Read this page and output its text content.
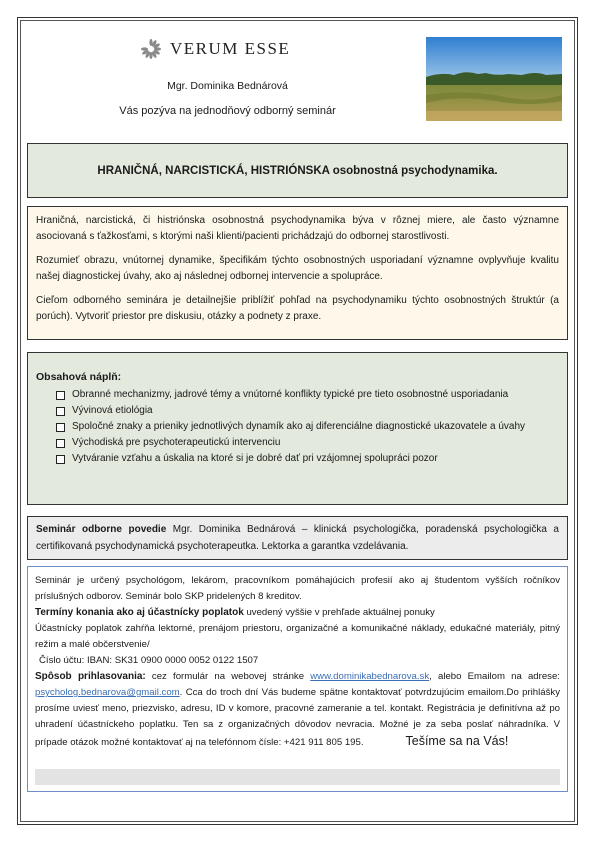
VERUM ESSE
Mgr. Dominika Bednárová
Vás pozýva na jednodňový odborný seminár
HRANIČNÁ, NARCISTICKÁ, HISTRIÓNSKA osobnostná psychodynamika.

Hraničná, narcistická, či histriónska osobnostná psychodynamika býva v rôznej miere, ale často významne asociovaná s ťažkosťami, s ktorými naši klienti/pacienti prichádzajú do odbornej starostlivosti.

Rozumieť obrazu, vnútornej dynamike, špecifikám týchto osobnostných usporiadaní významne ovplyvňuje kvalitu našej diagnostickej úvahy, ako aj následnej odbornej intervencie a spolupráce.

Cieľom odborného seminára je detailnejšie priblížiť pohľad na psychodynamiku týchto osobnostných štruktúr (a porúch). Vytvoriť priestor pre diskusiu, otázky a podnety z praxe.

Obsahová náplň:
Obranné mechanizmy, jadrové témy a vnútorné konflikty typické pre tieto osobnostné usporiadania
Vývinová etiológia
Spoločné znaky a prieniky jednotlivých dynamík ako aj diferenciálne diagnostické ukazovatele a úvahy
Východiská pre psychoterapeutickú intervenciu
Vytváranie vzťahu a úskalia na ktoré si je dobré dať pri vzájomnej spolupráci pozor
Seminár odborne povedie Mgr. Dominika Bednárová – klinická psychologička, poradenská psychologička a certifikovaná psychodynamická psychoterapeutka. Lektorka a garantka vzdelávania.

Seminár je určený psychológom, lekárom, pracovníkom pomáhajúcich profesií ako aj študentom vyšších ročníkov príslušných odborov. Seminár bolo SKP pridelených 8 kreditov.

Termíny konania ako aj účastnícky poplatok uvedený vyššie v prehľade aktuálnej ponuky

Účastnícky poplatok zahŕňa lektorné, prenájom priestoru, organizačné a komunikačné náklady, edukačné materiály, pitný režim a malé občerstvenie/

Číslo účtu: IBAN: SK31 0900 0000 0052 0122 1507

Spôsob prihlasovania: cez formulár na webovej stránke www.dominikabednarova.sk, alebo Emailom na adrese: psycholog.bednarova@gmail.com. Cca do troch dní Vás budeme spätne kontaktovať potvrdzujúcim emailom.Do prihlášky prosíme uviesť meno, priezvisko, adresu, ID v komore, pracovné zameranie a tel. kontakt. Registrácia je definitívna až po uhradení účastníckeho poplatku. Ten sa z organizačných dôvodov nevracia. Možné je za seba poslať náhradníka. V prípade otázok možné kontaktovať aj na telefónnom čísle: +421 911 805 195.	Tešíme sa na Vás!
